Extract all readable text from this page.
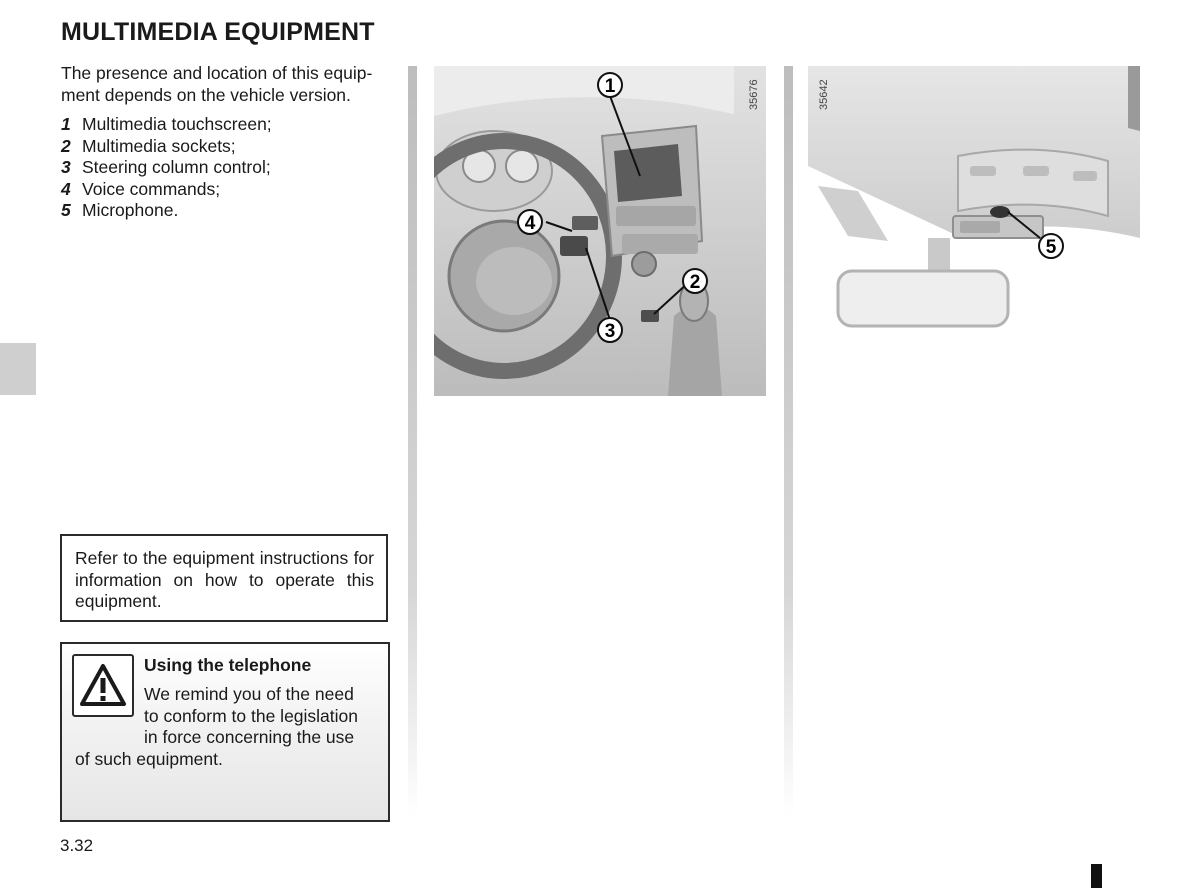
MULTIMEDIA EQUIPMENT
The presence and location of this equip-
ment depends on the vehicle version.
1 Multimedia touchscreen;
2 Multimedia sockets;
3 Steering column control;
4 Voice commands;
5 Microphone.
Refer to the equipment instructions for information on how to operate this equipment.
Using the telephone
We remind you of the need
to conform to the legislation
in force concerning the use
of such equipment.
1
2
3
4
35676
5
35642
3.32
